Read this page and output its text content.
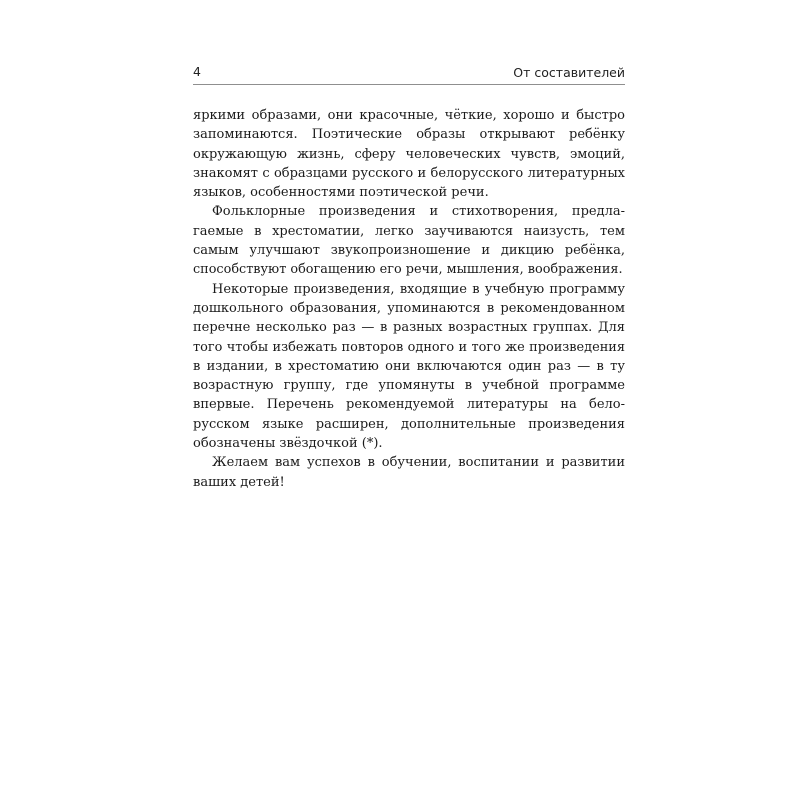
4	От составителей

яркими образами, они красочные, чёткие, хорошо и быстро
запоминаются. Поэтические образы открывают ребёнку
окружающую жизнь, сферу человеческих чувств, эмоций,
знакомят с образцами русского и белорусского литературных
языков, особенностями поэтической речи.

Фольклорные произведения и стихотворения, предла-
гаемые в хрестоматии, легко заучиваются наизусть, тем
самым улучшают звукопроизношение и дикцию ребёнка,
способствуют обогащению его речи, мышления, воображения.

Некоторые произведения, входящие в учебную программу
дошкольного образования, упоминаются в рекомендованном
перечне несколько раз — в разных возрастных группах. Для
того чтобы избежать повторов одного и того же произведения
в издании, в хрестоматию они включаются один раз — в ту
возрастную группу, где упомянуты в учебной программе
впервые. Перечень рекомендуемой литературы на бело-
русском языке расширен, дополнительные произведения
обозначены звёздочкой (*).

Желаем вам успехов в обучении, воспитании и развитии
ваших детей!
